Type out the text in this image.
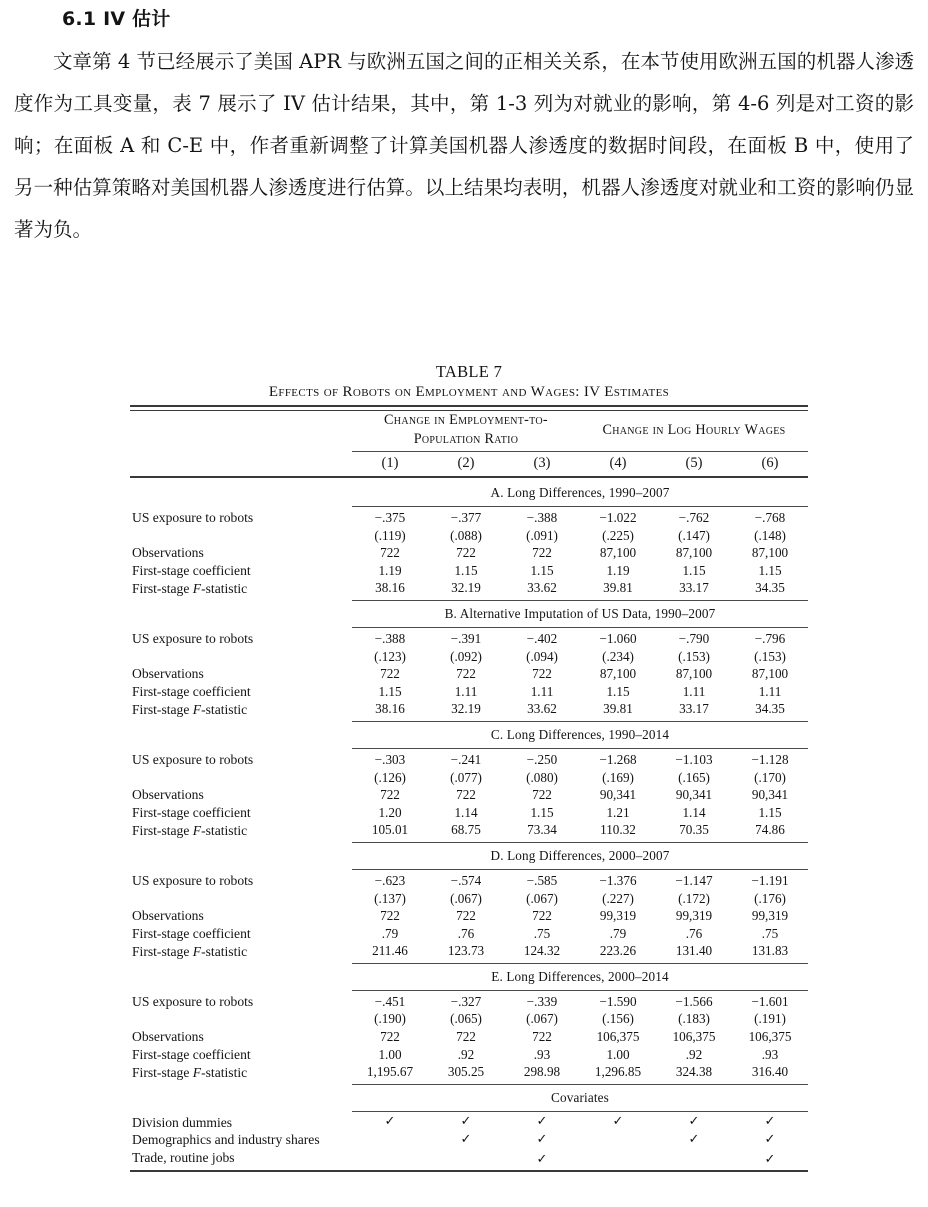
6.1 IV 估计
文章第 4 节已经展示了美国 APR 与欧洲五国之间的正相关关系，在本节使用欧洲五国的机器人渗透度作为工具变量，表 7 展示了 IV 估计结果，其中，第 1-3 列为对就业的影响，第 4-6 列是对工资的影响；在面板 A 和 C-E 中，作者重新调整了计算美国机器人渗透度的数据时间段，在面板 B 中，使用了另一种估算策略对美国机器人渗透度进行估算。以上结果均表明，机器人渗透度对就业和工资的影响仍显著为负。
TABLE 7
Effects of Robots on Employment and Wages: IV Estimates

	Change in Employment-to-Population Ratio			Change in Log Hourly Wages		
	(1)	(2)	(3)	(4)	(5)	(6)

	A. Long Differences, 1990–2007					

US exposure to robots	−.375	−.377	−.388	−1.022	−.762	−.768
	(.119)	(.088)	(.091)	(.225)	(.147)	(.148)
Observations	722	722	722	87,100	87,100	87,100
First-stage coefficient	1.19	1.15	1.15	1.19	1.15	1.15
First-stage F-statistic	38.16	32.19	33.62	39.81	33.17	34.35

	B. Alternative Imputation of US Data, 1990–2007					

US exposure to robots	−.388	−.391	−.402	−1.060	−.790	−.796
	(.123)	(.092)	(.094)	(.234)	(.153)	(.153)
Observations	722	722	722	87,100	87,100	87,100
First-stage coefficient	1.15	1.11	1.11	1.15	1.11	1.11
First-stage F-statistic	38.16	32.19	33.62	39.81	33.17	34.35

	C. Long Differences, 1990–2014					

US exposure to robots	−.303	−.241	−.250	−1.268	−1.103	−1.128
	(.126)	(.077)	(.080)	(.169)	(.165)	(.170)
Observations	722	722	722	90,341	90,341	90,341
First-stage coefficient	1.20	1.14	1.15	1.21	1.14	1.15
First-stage F-statistic	105.01	68.75	73.34	110.32	70.35	74.86

	D. Long Differences, 2000–2007					

US exposure to robots	−.623	−.574	−.585	−1.376	−1.147	−1.191
	(.137)	(.067)	(.067)	(.227)	(.172)	(.176)
Observations	722	722	722	99,319	99,319	99,319
First-stage coefficient	.79	.76	.75	.79	.76	.75
First-stage F-statistic	211.46	123.73	124.32	223.26	131.40	131.83

	E. Long Differences, 2000–2014					

US exposure to robots	−.451	−.327	−.339	−1.590	−1.566	−1.601
	(.190)	(.065)	(.067)	(.156)	(.183)	(.191)
Observations	722	722	722	106,375	106,375	106,375
First-stage coefficient	1.00	.92	.93	1.00	.92	.93
First-stage F-statistic	1,195.67	305.25	298.98	1,296.85	324.38	316.40

	Covariates					

Division dummies	✓	✓	✓	✓	✓	✓
Demographics and industry shares		✓	✓		✓	✓
Trade, routine jobs			✓			✓
